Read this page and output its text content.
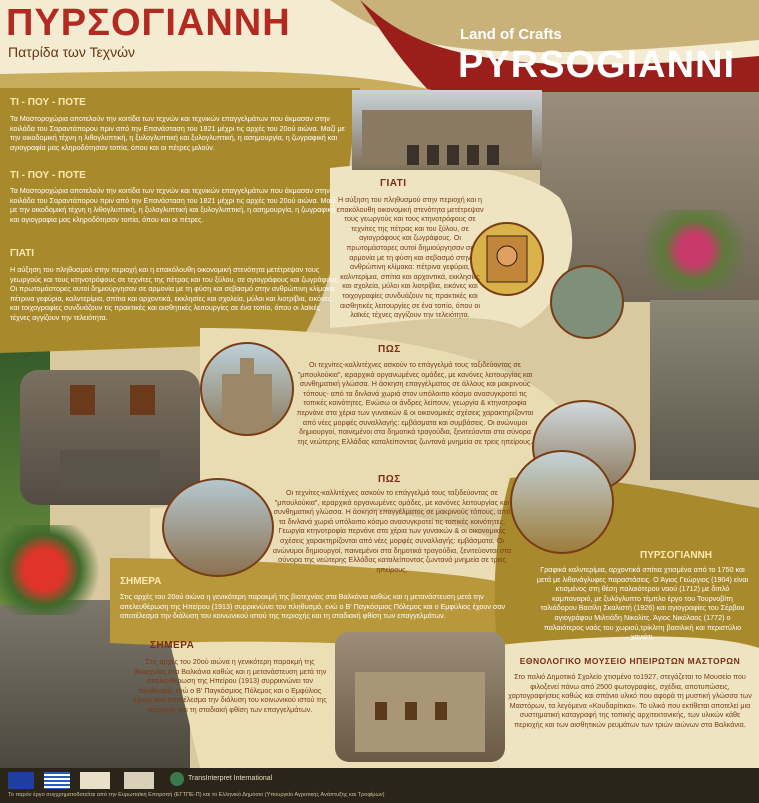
ΠΥΡΣΟΓΙΑΝΝΗ
Πατρίδα των Τεχνών
Land of Crafts
PYRSOGIANNI
ΤΙ - ΠΟΥ - ΠΟΤΕ
Τα Μαστοροχώρια αποτελούν την κοιτίδα των τεχνών και τεχνικών επαγγελμάτων που άκμασαν στην κοιλάδα του Σαραντάπορου πριν από την Επανάσταση του 1821 μέχρι τις αρχές του 20ού αιώνα. Μαζί με την οικοδομική τέχνη η λιθογλυπτική, η ξυλογλυπτική και ξυλογλυπτική, η ασημουργία, η ζωγραφική και αγιογραφία μας κληροδότησαν τοπία, όπου και οι πέτρες μιλούν.
ΤΙ - ΠΟΥ - ΠΟΤΕ
Τα Μαστοροχώρια αποτελούν την κοιτίδα των τεχνών και τεχνικών επαγγελμάτων που άκμασαν στην κοιλάδα του Σαραντάπορου πριν από την Επανάσταση του 1821 μέχρι τις αρχές του 20ού αιώνα. Μαζί με την οικοδομική τέχνη η λιθογλυπτική, η ξυλογλυπτική και ξυλογλυπτική, η ασημουργία, η ζωγραφική και αγιογραφία μας κληροδότησαν τοπία, όπου και οι πέτρες.
ΓΙΑΤΙ
Η αύξηση του πληθυσμού στην περιοχή και η επακόλουθη οικονομική στενότητα μετέτρεψαν τους γεωργούς και τους κτηνοτρόφους σε τεχνίτες της πέτρας και του ξύλου, σε αγιογράφους και ζωγράφους. Οι πρωτομάστορες αυτοί δημιούργησαν σε αρμονία με τη φύση και σεβασμό στην ανθρώπινη κλίμακα: πέτρινα γεφύρια, καλντερίμια, σπίτια και αρχοντικά, εκκλησίες και σχολεία, μύλοι και λιοτρίβια, εικόνες και τοιχογραφίες συνδυάζουν τις πρακτικές και αισθητικές λειτουργίες σε ένα τοπίο, όπου οι λαϊκές τέχνες αγγίζουν την τελειότητα.
ΓΙΑΤΙ
Η αύξηση του πληθυσμού στην περιοχή και η επακόλουθη οικονομική στενότητα μετέτρεψαν τους γεωργούς και τους κτηνοτρόφους σε τεχνίτες της πέτρας και του ξύλου, σε αγιογράφους και ζωγράφους. Οι πρωτομάστορες αυτοί δημιούργησαν σε αρμονία με τη φύση και σεβασμό στην ανθρώπινη κλίμακα: πέτρινα γεφύρια, καλντερίμια, σπίτια και αρχοντικά, εκκλησίες και σχολεία, μύλοι και λιοτρίβια, εικόνες και τοιχογραφίες συνδυάζουν τις πρακτικές και αισθητικές λειτουργίες σε ένα τοπίο, όπου οι λαϊκές τέχνες αγγίζουν την τελειότητα.
ΠΩΣ
Οι τεχνίτες-καλλιτέχνες ασκούν το επάγγελμά τους ταξιδεύοντας σε "μπουλούκια", ιεραρχικά οργανωμένες ομάδες, με κανόνες λειτουργίας και συνθηματική γλώσσα. Η άσκηση επαγγέλματος σε άλλους και μακρινούς τόπους- από τα δινλανά χωριά στον υπόλοιπο κόσμο ανασυγκροτεί τις τοπικές κοινότητες. Ενώσω οι άνδρες λείπουν, γεωργία & κτηνοτροφία περνάνε στα χέρια των γυναικών & οι οικονομικές σχέσεις χαρακτηρίζονται από νέες μορφές συναλλαγής: εμβάσματα και συμβάσεις. Οι ανώνυμοι δημιουργοί, παινεμένοι στα δημοτικά τραγούδια, ξενιτεύονται στα σύνορα της νεώτερης Ελλάδας καταλείποντας ζωντανά μνημεία σε τρεις ηπείρους.
ΠΩΣ
Οι τεχνίτες-καλλιτέχνες ασκούν το επάγγελμά τους ταξιδεύοντας σε "μπουλούκια", ιεραρχικά οργανωμένες ομάδες, με κανόνες λειτουργίας και συνθηματική γλώσσα. Η άσκηση επαγγέλματος σε μακρινούς τόπους, από τα δινλανά χωριά υπόλοιπο κόσμο ανασυγκροτεί τις τοπικές κοινότητες. Γεωργία κτηνοτροφία περνάνε στα χέρια των γυναικών & οι οικονομικές σχέσεις χαρακτηρίζονται από νέες μορφές συναλλαγής: εμβάσματα. Οι ανώνυμοι δημιουργοί, παινεμένοι στα δημοτικά τραγούδια, ξενιτεύονται στα σύνορα της νεώτερης Ελλάδας καταλείποντας ζωντανά μνημεία σε τρεις ηπείρους.
ΣΗΜΕΡΑ
Στις αρχές του 20ού αιώνα η γενικότερη παρακμή της βιοτεχνίας στα Βαλκάνια καθώς και η μετανάστευση μετά την απελευθέρωση της Ηπείρου (1913) συρρικνώνει τον πληθυσμό, ενώ ο Β' Παγκόσμιος Πόλεμος και ο Εμφύλιος έχουν σαν αποτέλεσμα την διάλυση του κοινωνικού ιστού της περιοχής και τη σταδιακή φθίση των επαγγελμάτων.
ΣΗΜΕΡΑ
Στις αρχές του 20ού αιώνα η γενικότερη παρακμή της βιοτεχνίας στα Βαλκάνια καθώς και η μετανάστευση μετά την απελευθέρωση της Ηπείρου (1913) συρρικνώνει τον πληθυσμό, ενώ ο Β' Παγκόσμιος Πόλεμος και ο Εμφύλιος έχουν σαν αποτέλεσμα την διάλυση του κοινωνικού ιστού της περιοχής και τη σταδιακή φθίση των επαγγελμάτων.
ΠΥΡΣΟΓΙΑΝΝΗ
Γραφικά καλντερίμια, αρχοντικά σπίτια χτισμένα από το 1750 και μετά με λιθανάγλυφες παραστάσεις. Ο Άγιος Γεώργιος (1904) είναι κτισμένος στη θέση παλαιότερου ναού (1712) με διπλό καμπαναριό, με ξυλόγλυπτο τέμπλο έργο του Τουρνοβίτη ταλιάδορου Βασίλη Σκαλιστή (1926) και αγιογραφίες του Σέρβου αγιογράφου Μιλτιάδη Νικολίτς. Άγιος Νικόλαος (1772) ο παλαιότερος ναός του χωριού,τρίκλιτη βασιλική και περιστύλιο χαγιάτι.
ΕΘΝΟΛΟΓΙΚΟ ΜΟΥΣΕΙΟ ΗΠΕΙΡΩΤΩΝ ΜΑΣΤΟΡΩΝ
Στο παλιό Δημοτικό Σχολείο χτισμένο το1927, στεγάζεται το Μουσείο που φιλοξενεί πάνω από 2500 φωτογραφίες, σχέδια, αποτυπώσεις, χαρτογραφήσεις καθώς και σπάνιο υλικό που αφορά τη μυστική γλώσσα των Μαστόρων, τα λεγόμενα «Κουδαρίτικα». Το υλικό που εκτίθεται αποτελεί μια συστηματική καταγραφή της τοπικής αρχιτεκτονικής, των υλικών κάθε περιοχής και των αισθητικών ρευμάτων των τριών αιώνων στα Βαλκάνια.
TransInterpret International
Το παρόν έργο συγχρηματοδοτείται από την Ευρωπαϊκή Επιτροπή (ΕΓΤΠΕ-Π) και το Ελληνικό Δημόσιο (Υπουργείο Αγροτικής Ανάπτυξης και Τροφίμων)
